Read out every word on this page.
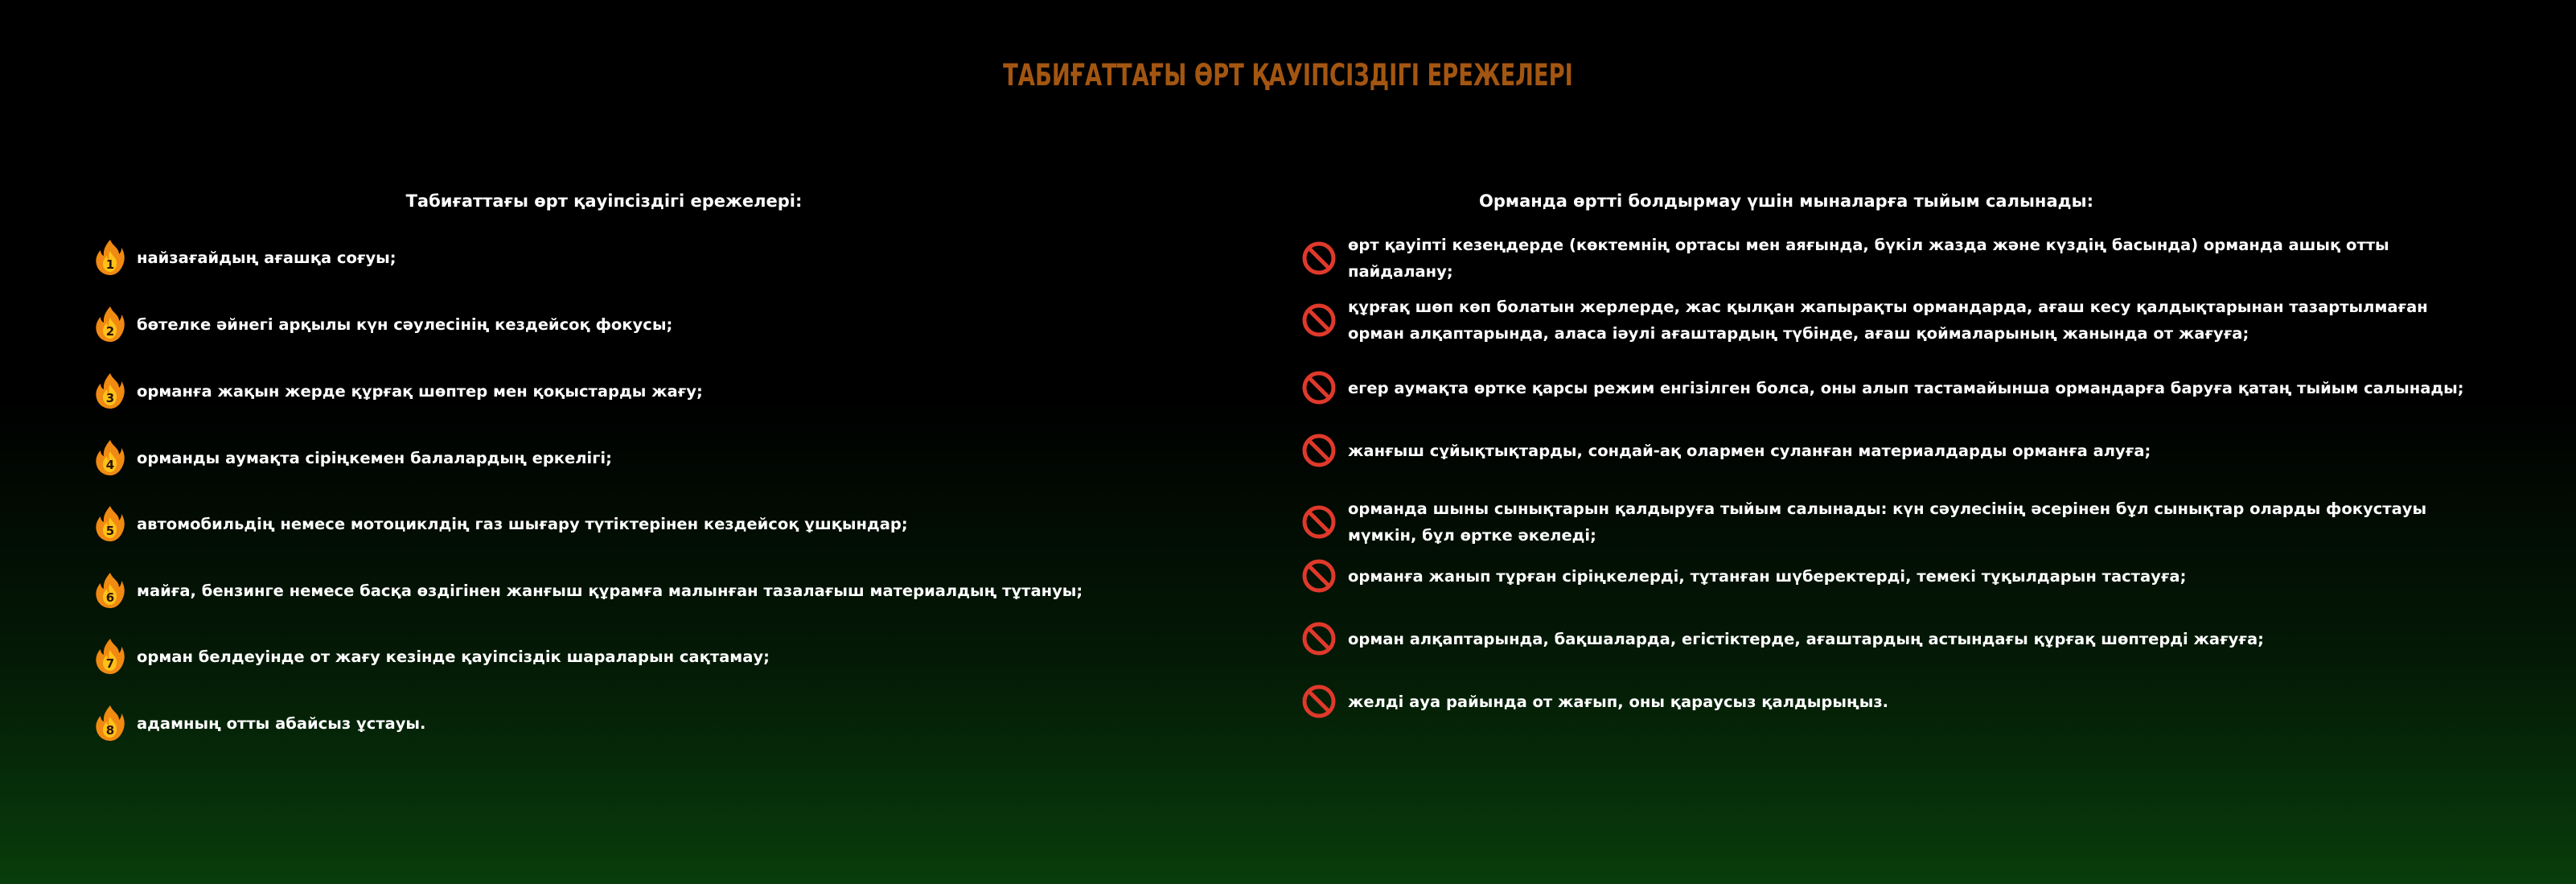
ТАБИҒАТТАҒЫ ӨРТ ҚАУІПСІЗДІГІ ЕРЕЖЕЛЕРІ
Табиғаттағы өрт қауіпсіздігі ережелері:
1 найзағайдың ағашқа соғуы;
2 бөтелке әйнегі арқылы күн сәулесінің кездейсоқ фокусы;
3 орманға жақын жерде құрғақ шөптер мен қоқыстарды жағу;
4 орманды аумақта сіріңкемен балалардың еркелігі;
5 автомобильдің немесе мотоциклдің газ шығару түтіктерінен кездейсоқ ұшқындар;
6 майға, бензинге немесе басқа өздігінен жанғыш құрамға малынған тазалағыш материалдың тұтануы;
7 орман белдеуінде от жағу кезінде қауіпсіздік шараларын сақтамау;
8 адамның отты абайсыз ұстауы.
Орманда өртті болдырмау үшін мыналарға тыйым салынады:
өрт қауіпті кезеңдерде (көктемнің ортасы мен аяғында, бүкіл жазда және күздің басында) орманда ашық отты пайдалану;
құрғақ шөп көп болатын жерлерде, жас қылқан жапырақты ормандарда, ағаш кесу қалдықтарынан тазартылмаған орман алқаптарында, аласа іәулі ағаштардың түбінде, ағаш қоймаларының жанында от жағуға;
егер аумақта өртке қарсы режим енгізілген болса, оны алып тастамайынша ормандарға баруға қатаң тыйым салынады;
жанғыш сұйықтықтарды, сондай-ақ олармен суланған материалдарды орманға алуға;
орманда шыны сынықтарын қалдыруға тыйым салынады: күн сәулесінің әсерінен бұл сынықтар оларды фокустауы мүмкін, бұл өртке әкеледі;
орманға жанып тұрған сіріңкелерді, тұтанған шүберектерді, темекі тұқылдарын тастауға;
орман алқаптарында, бақшаларда, егістіктерде, ағаштардың астындағы құрғақ шөптерді жағуға;
желді ауа райында от жағып, оны қараусыз қалдырыңыз.
